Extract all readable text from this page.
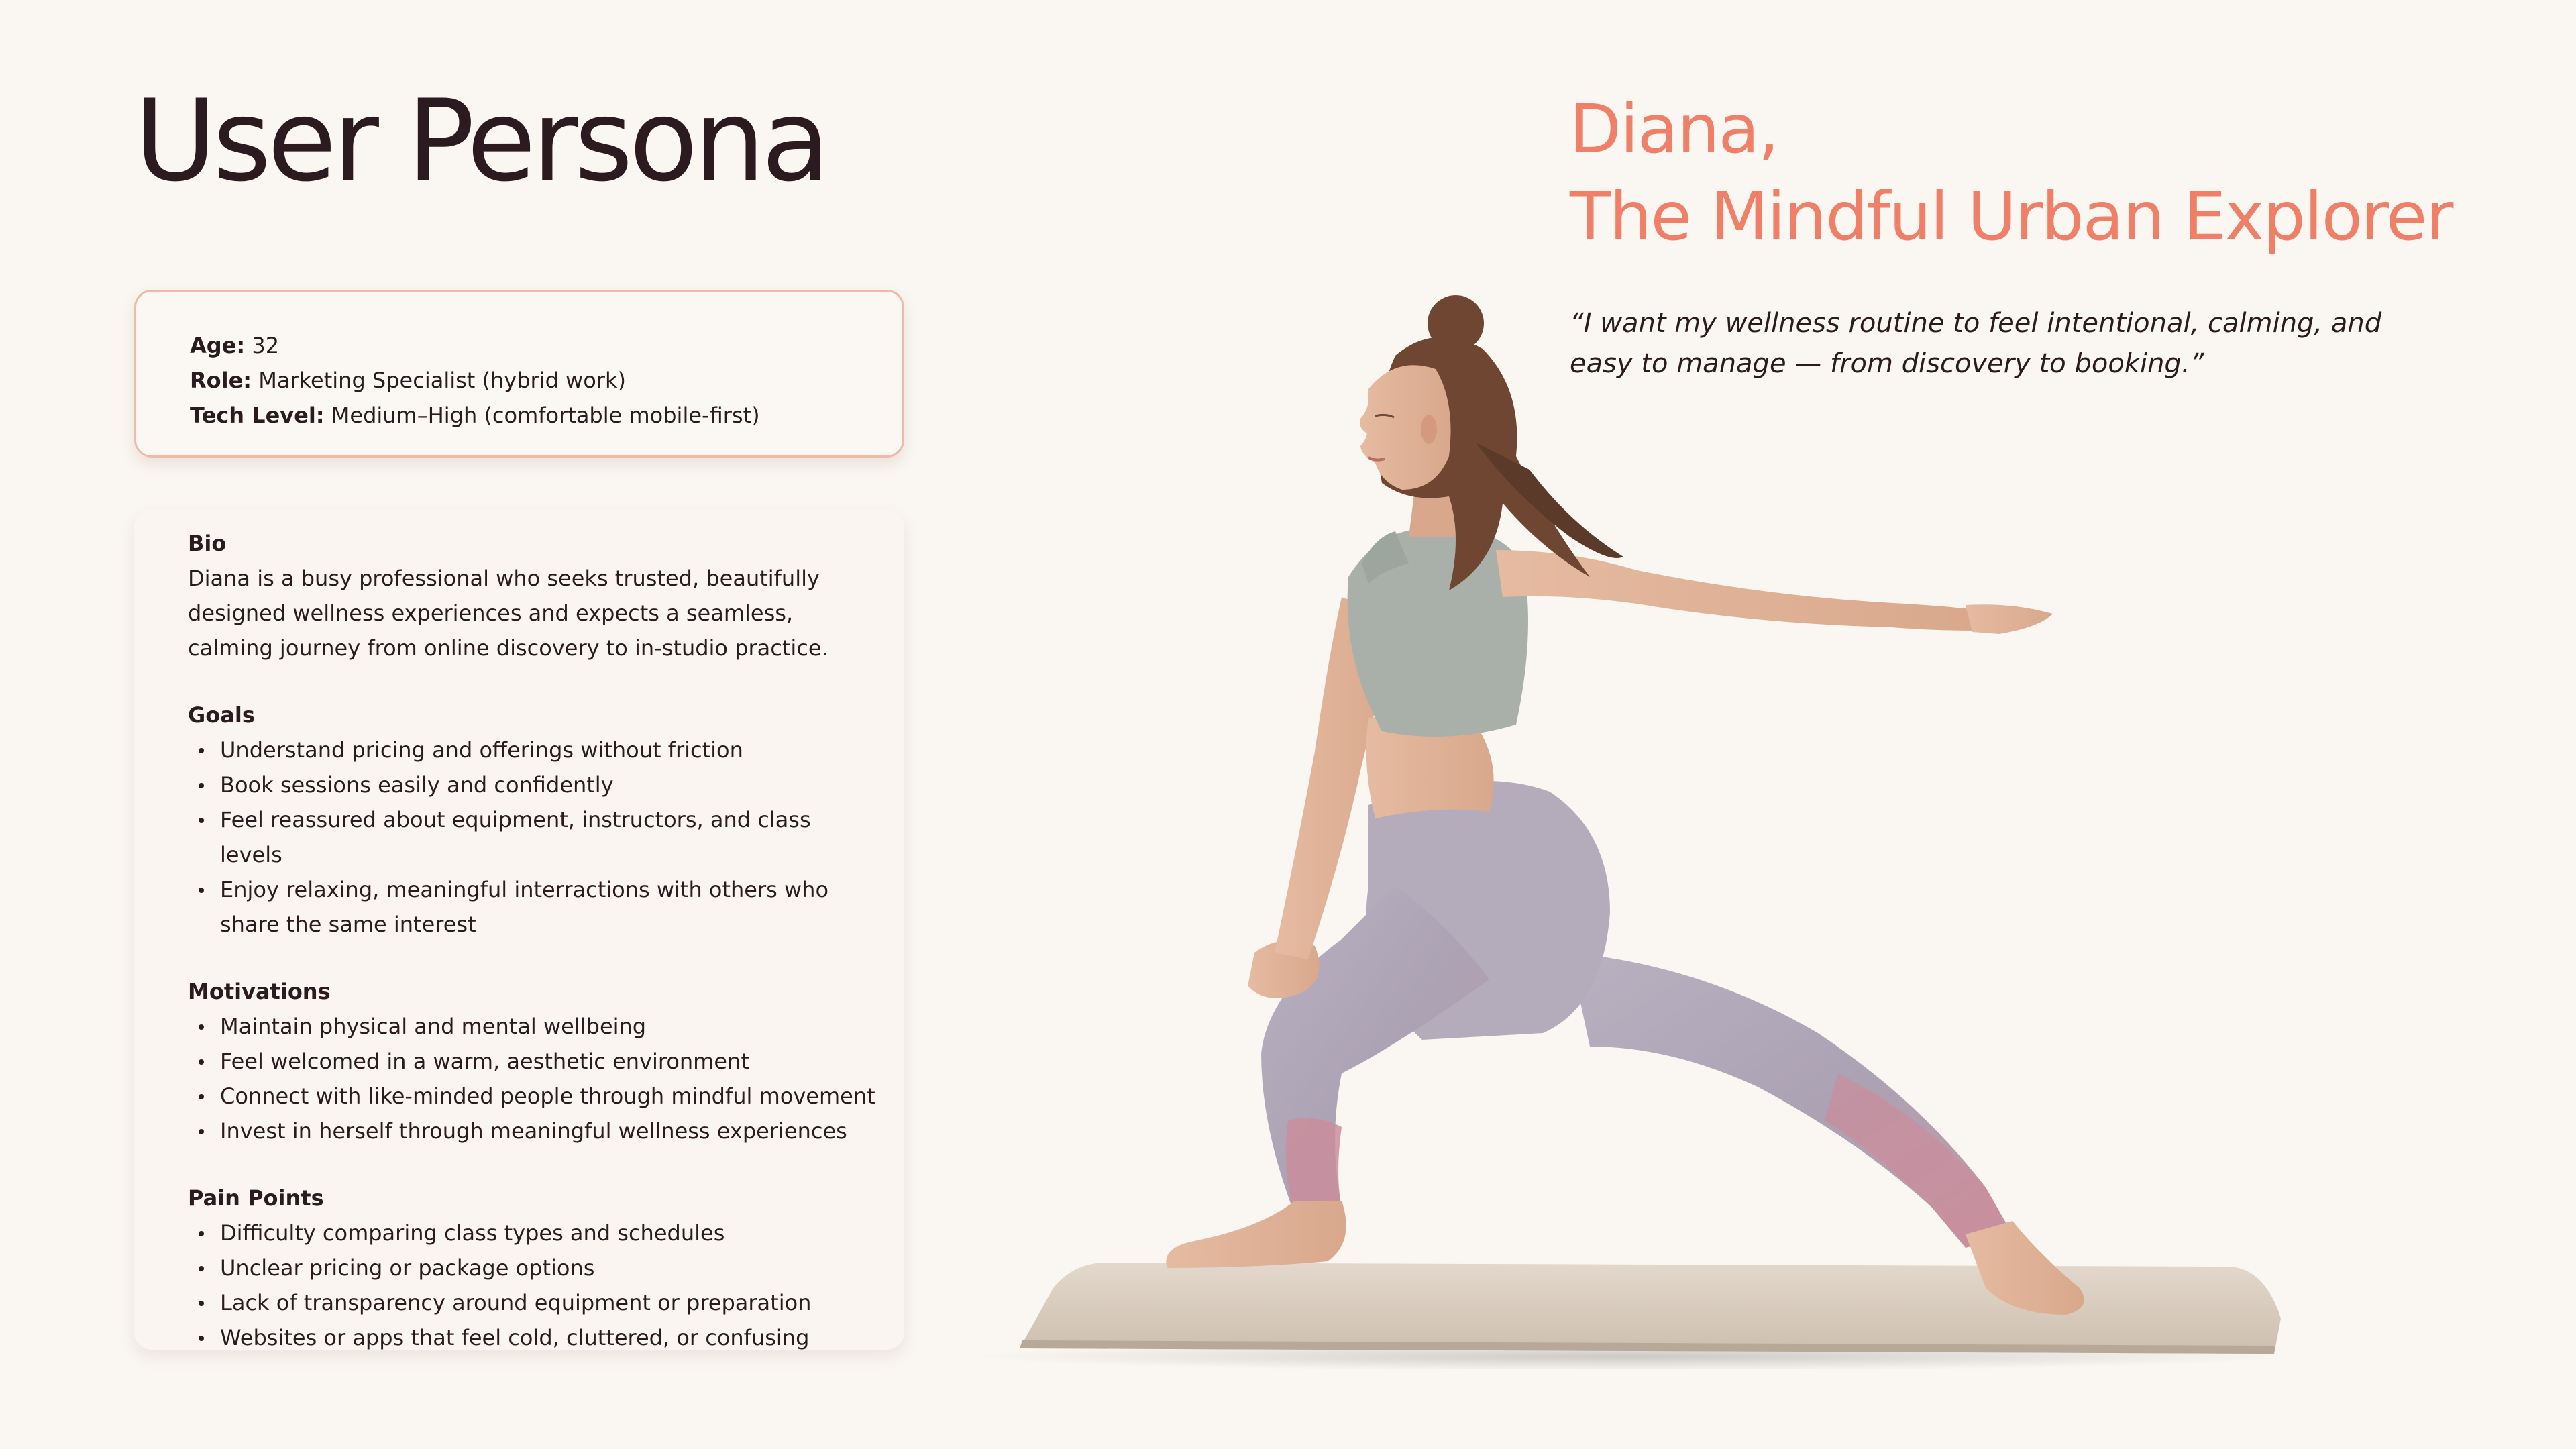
User Persona
Age: 32
Role: Marketing Specialist (hybrid work)
Tech Level: Medium–High (comfortable mobile-first)
Bio

Diana is a busy professional who seeks trusted, beautifully designed wellness experiences and expects a seamless, calming journey from online discovery to in-studio practice.

Goals
Understand pricing and offerings without friction
Book sessions easily and confidently
Feel reassured about equipment, instructors, and class levels
Enjoy relaxing, meaningful interractions with others who share the same interest
Motivations
Maintain physical and mental wellbeing
Feel welcomed in a warm, aesthetic environment
Connect with like-minded people through mindful movement
Invest in herself through meaningful wellness experiences
Pain Points
Difficulty comparing class types and schedules
Unclear pricing or package options
Lack of transparency around equipment or preparation
Websites or apps that feel cold, cluttered, or confusing
Diana,
The Mindful Urban Explorer

“I want my wellness routine to feel intentional, calming, and easy to manage — from discovery to booking.”
